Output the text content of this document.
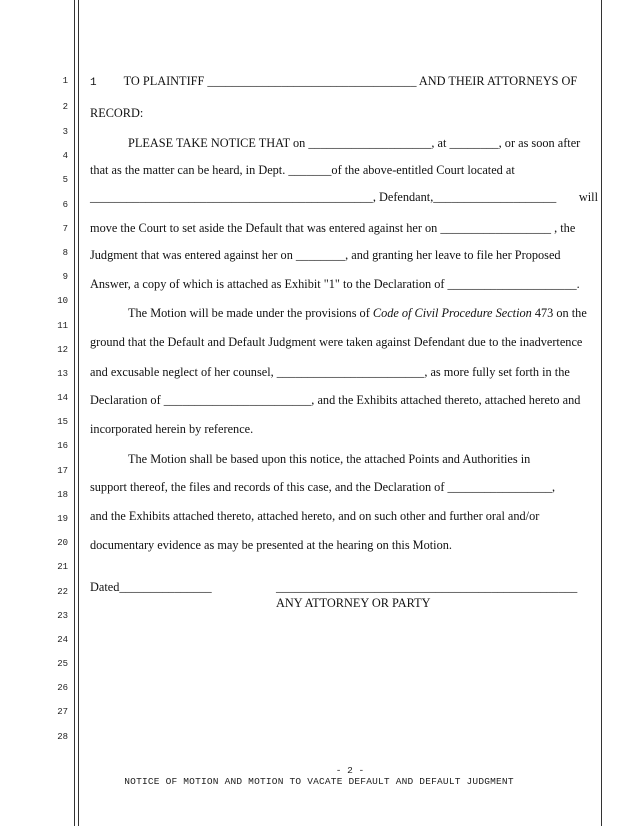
1
2
3
4
5
6
7
8
9
10
11
12
13
14
15
16
17
18
19
20
21
22
23
24
25
26
27
28
1 TO PLAINTIFF __________________________________ AND THEIR ATTORNEYS OF
RECORD:
PLEASE TAKE NOTICE THAT on ____________________, at ________, or as soon after
that as the matter can be heard, in Dept. _______of the above-entitled Court located at
______________________________________________, Defendant,____________________ will
move the Court to set aside the Default that was entered against her on __________________ , the
Judgment that was entered against her on ________, and granting her leave to file her Proposed
Answer, a copy of which is attached as Exhibit "1" to the Declaration of _____________________.
The Motion will be made under the provisions of Code of Civil Procedure Section 473 on the
ground that the Default and Default Judgment were taken against Defendant due to the inadvertence
and excusable neglect of her counsel, ________________________, as more fully set forth in the
Declaration of ________________________, and the Exhibits attached thereto, attached hereto and
incorporated herein by reference.
The Motion shall be based upon this notice, the attached Points and Authorities in
support thereof, the files and records of this case, and the Declaration of _________________,
and the Exhibits attached thereto, attached hereto, and on such other and further oral and/or
documentary evidence as may be presented at the hearing on this Motion.
Dated_______________	_________________________________________________
ANY ATTORNEY OR PARTY
- 2 -
NOTICE OF MOTION AND MOTION TO VACATE DEFAULT AND DEFAULT JUDGMENT
